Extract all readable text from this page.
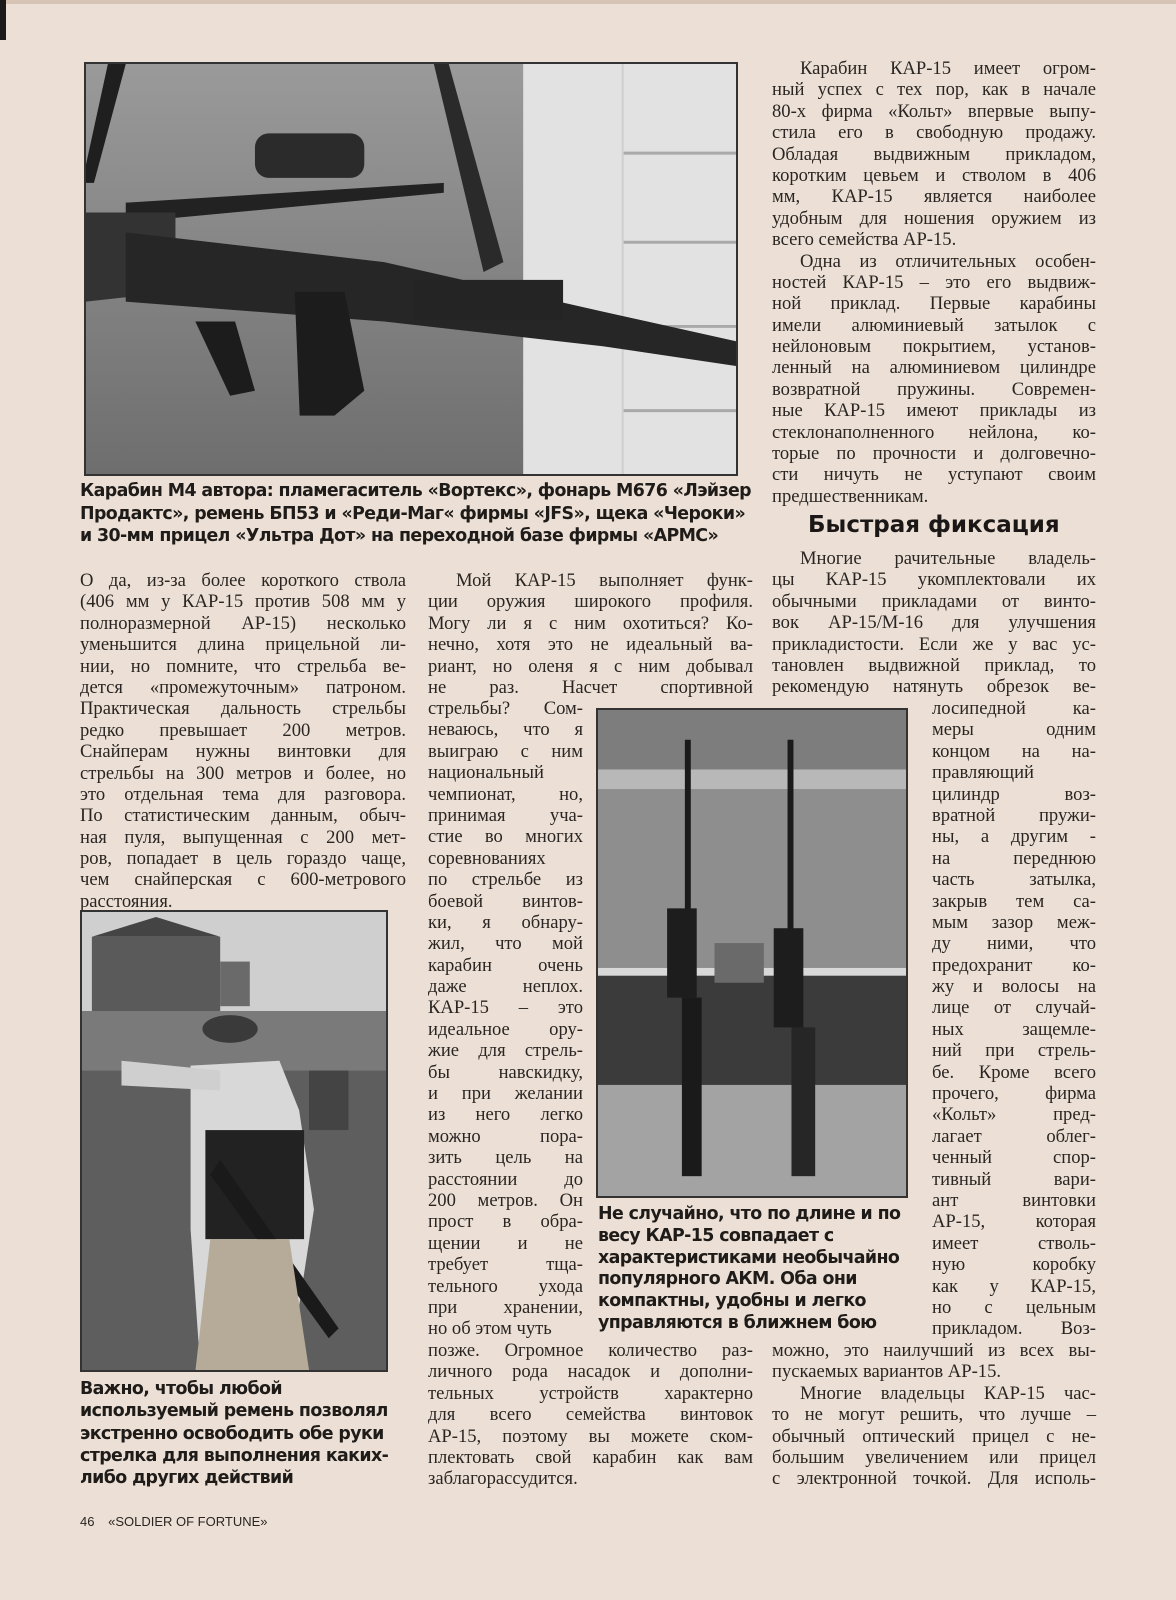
Карабин М4 автора: пламегаситель «Вортекс», фонарь М676 «Лэйзер
Продактс», ремень БП53 и «Реди-Маг« фирмы «JFS», щека «Чероки»
и 30-мм прицел «Ультра Дот» на переходной базе фирмы «АРМС»
О да, из-за более короткого ствола
(406 мм у КАР-15 против 508 мм у
полноразмерной АР-15) несколько
уменьшится длина прицельной ли-
нии, но помните, что стрельба ве-
дется «промежуточным» патроном.
Практическая дальность стрельбы
редко превышает 200 метров.
Снайперам нужны винтовки для
стрельбы на 300 метров и более, но
это отдельная тема для разговора.
По статистическим данным, обыч-
ная пуля, выпущенная с 200 мет-
ров, попадает в цель гораздо чаще,
чем снайперская с 600-метрового
расстояния.
Важно, чтобы любой
используемый ремень позволял
экстренно освободить обе руки
стрелка для выполнения каких-
либо других действий
Мой КАР-15 выполняет функ-
ции оружия широкого профиля.
Могу ли я с ним охотиться? Ко-
нечно, хотя это не идеальный ва-
риант, но оленя я с ним добывал
не раз. Насчет спортивной
стрельбы? Сом-
неваюсь, что я
выиграю с ним
национальный
чемпионат, но,
принимая уча-
стие во многих
соревнованиях
по стрельбе из
боевой винтов-
ки, я обнару-
жил, что мой
карабин очень
даже неплох.
КАР-15 – это
идеальное ору-
жие для стрель-
бы навскидку,
и при желании
из него легко
можно пора-
зить цель на
расстоянии до
200 метров. Он
прост в обра-
щении и не
требует тща-
тельного ухода
при хранении,
но об этом чуть
позже. Огромное количество раз-
личного рода насадок и дополни-
тельных устройств характерно
для всего семейства винтовок
АР-15, поэтому вы можете ском-
плектовать свой карабин как вам
заблагорассудится.
Не случайно, что по длине и по
весу КАР-15 совпадает с
характеристиками необычайно
популярного АКМ. Оба они
компактны, удобны и легко
управляются в ближнем бою
Карабин КАР-15 имеет огром-
ный успех с тех пор, как в начале
80-х фирма «Кольт» впервые выпу-
стила его в свободную продажу.
Обладая выдвижным прикладом,
коротким цевьем и стволом в 406
мм, КАР-15 является наиболее
удобным для ношения оружием из
всего семейства АР-15.
Одна из отличительных особен-
ностей КАР-15 – это его выдвиж-
ной приклад. Первые карабины
имели алюминиевый затылок с
нейлоновым покрытием, установ-
ленный на алюминиевом цилиндре
возвратной пружины. Современ-
ные КАР-15 имеют приклады из
стеклонаполненного нейлона, ко-
торые по прочности и долговечно-
сти ничуть не уступают своим
предшественникам.
Быстрая фиксация
Многие рачительные владель-
цы КАР-15 укомплектовали их
обычными прикладами от винто-
вок АР-15/М-16 для улучшения
прикладистости. Если же у вас ус-
тановлен выдвижной приклад, то
рекомендую натянуть обрезок ве-
лосипедной ка-
меры одним
концом на на-
правляющий
цилиндр воз-
вратной пружи-
ны, а другим -
на переднюю
часть затылка,
закрыв тем са-
мым зазор меж-
ду ними, что
предохранит ко-
жу и волосы на
лице от случай-
ных защемле-
ний при стрель-
бе. Кроме всего
прочего, фирма
«Кольт» пред-
лагает облег-
ченный спор-
тивный вари-
ант винтовки
АР-15, которая
имеет стволь-
ную коробку
как у КАР-15,
но с цельным
прикладом. Воз-
можно, это наилучший из всех вы-
пускаемых вариантов АР-15.
Многие владельцы КАР-15 час-
то не могут решить, что лучше –
обычный оптический прицел с не-
большим увеличением или прицел
с электронной точкой. Для исполь-
46 «SOLDIER OF FORTUNE»
